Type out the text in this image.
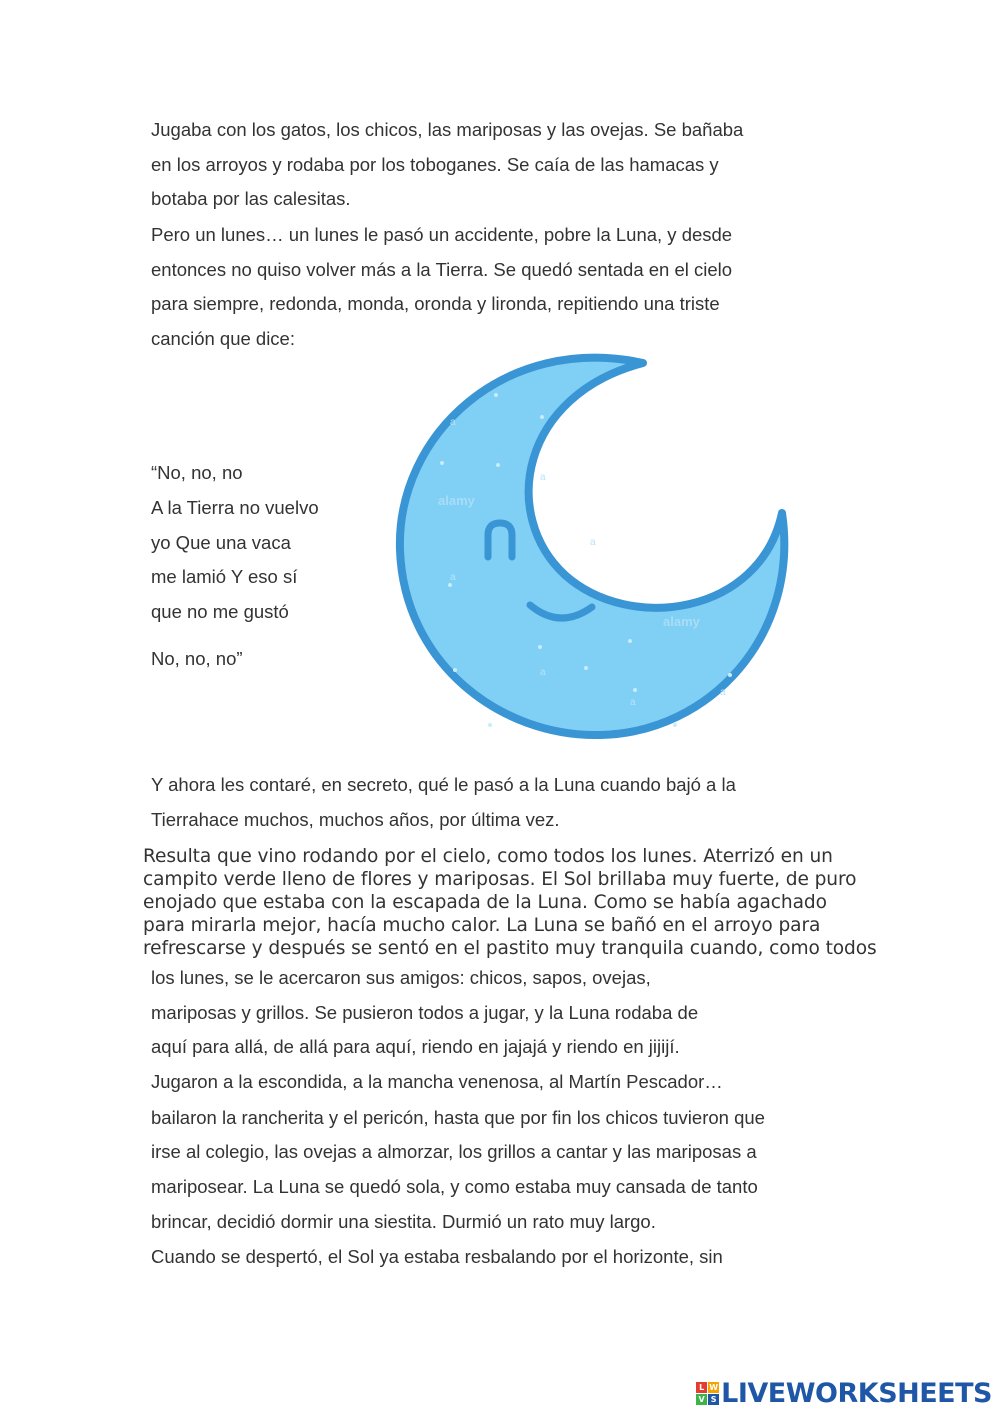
Jugaba con los gatos, los chicos, las mariposas y las ovejas. Se bañaba

en los arroyos y rodaba por los toboganes. Se caía de las hamacas y

botaba por las calesitas.

Pero un lunes… un lunes le pasó un accidente, pobre la Luna, y desde

entonces no quiso volver más a la Tierra. Se quedó sentada en el cielo

para siempre, redonda, monda, oronda y lironda, repitiendo una triste

canción que dice:

“No, no, no

A la Tierra no vuelvo

yo Que una vaca

me lamió Y eso sí

que no me gustó

No, no, no”

Y ahora les contaré, en secreto, qué le pasó a la Luna cuando bajó a la

Tierrahace muchos, muchos años, por última vez.

Resulta que vino rodando por el cielo, como todos los lunes. Aterrizó en un

campito verde lleno de flores y mariposas. El Sol brillaba muy fuerte, de puro

enojado que estaba con la escapada de la Luna. Como se había agachado

para mirarla mejor, hacía mucho calor. La Luna se bañó en el arroyo para

refrescarse y después se sentó en el pastito muy tranquila cuando, como todos

los lunes, se le acercaron sus amigos: chicos, sapos, ovejas,

mariposas y grillos. Se pusieron todos a jugar, y la Luna rodaba de

aquí para allá, de allá para aquí, riendo en jajajá y riendo en jijijí.

Jugaron a la escondida, a la mancha venenosa, al Martín Pescador…

bailaron la rancherita y el pericón, hasta que por fin los chicos tuvieron que

irse al colegio, las ovejas a almorzar, los grillos a cantar y las mariposas a

mariposear. La Luna se quedó sola, y como estaba muy cansada de tanto

brincar, decidió dormir una siestita. Durmió un rato muy largo.

Cuando se despertó, el Sol ya estaba resbalando por el horizonte, sin

alamy
alamy
a
a
a
a
a
a
a
L W
V S LIVEWORKSHEETS
